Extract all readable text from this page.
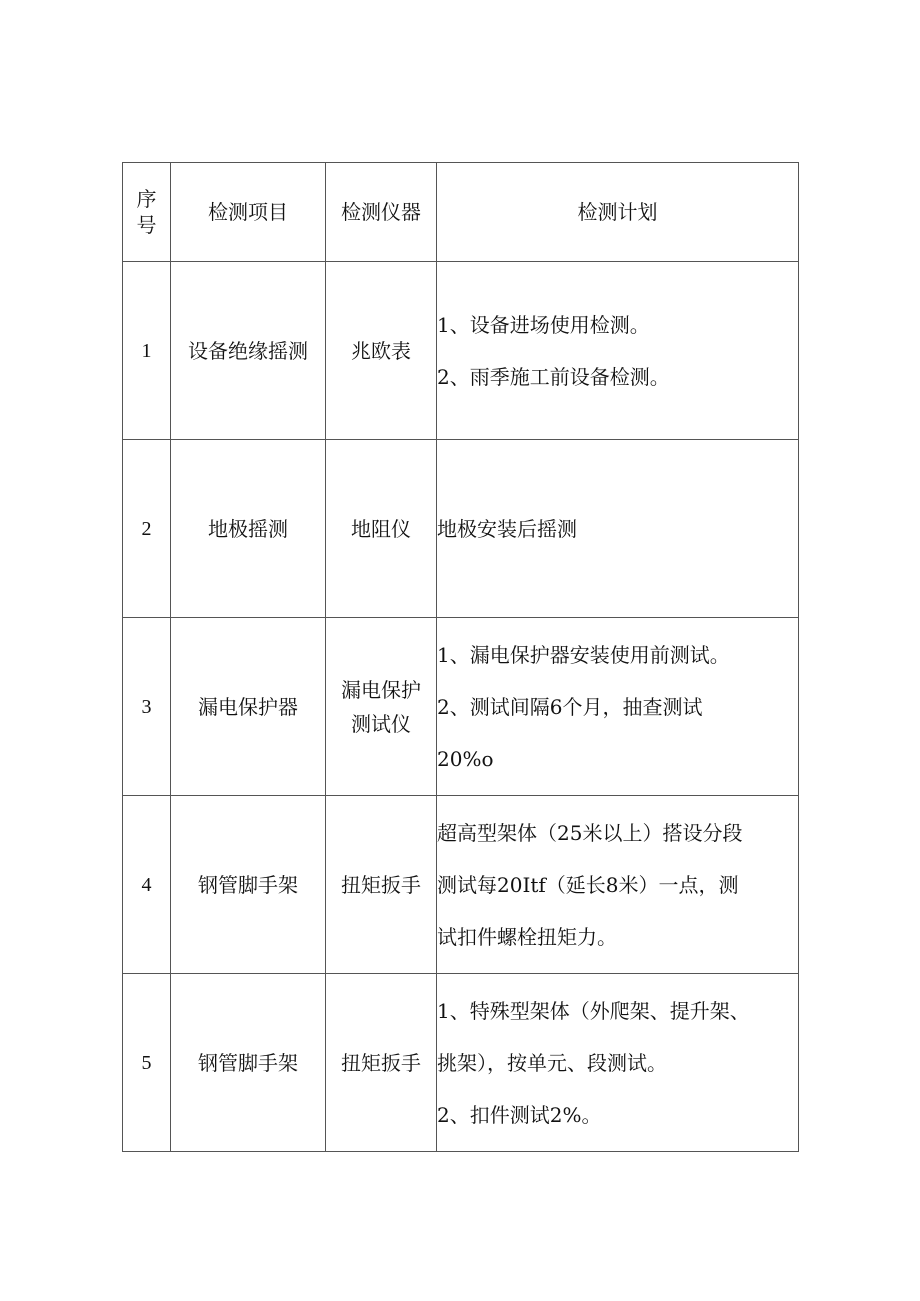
序
号	检测项目	检测仪器	检测计划
1	设备绝缘摇测	兆欧表	1、设备进场使用检测。
2、雨季施工前设备检测。

2	地极摇测	地阻仪	地极安装后摇测

3	漏电保护器	漏电保护
测试仪	1、漏电保护器安装使用前测试。
2、测试间隔6个月，抽查测试
20%o

4	钢管脚手架	扭矩扳手	超高型架体（25米以上）搭设分段
测试每20Itf（延长8米）一点，测
试扣件螺栓扭矩力。

5	钢管脚手架	扭矩扳手	1、特殊型架体（外爬架、提升架、
挑架），按单元、段测试。
2、扣件测试2%。
